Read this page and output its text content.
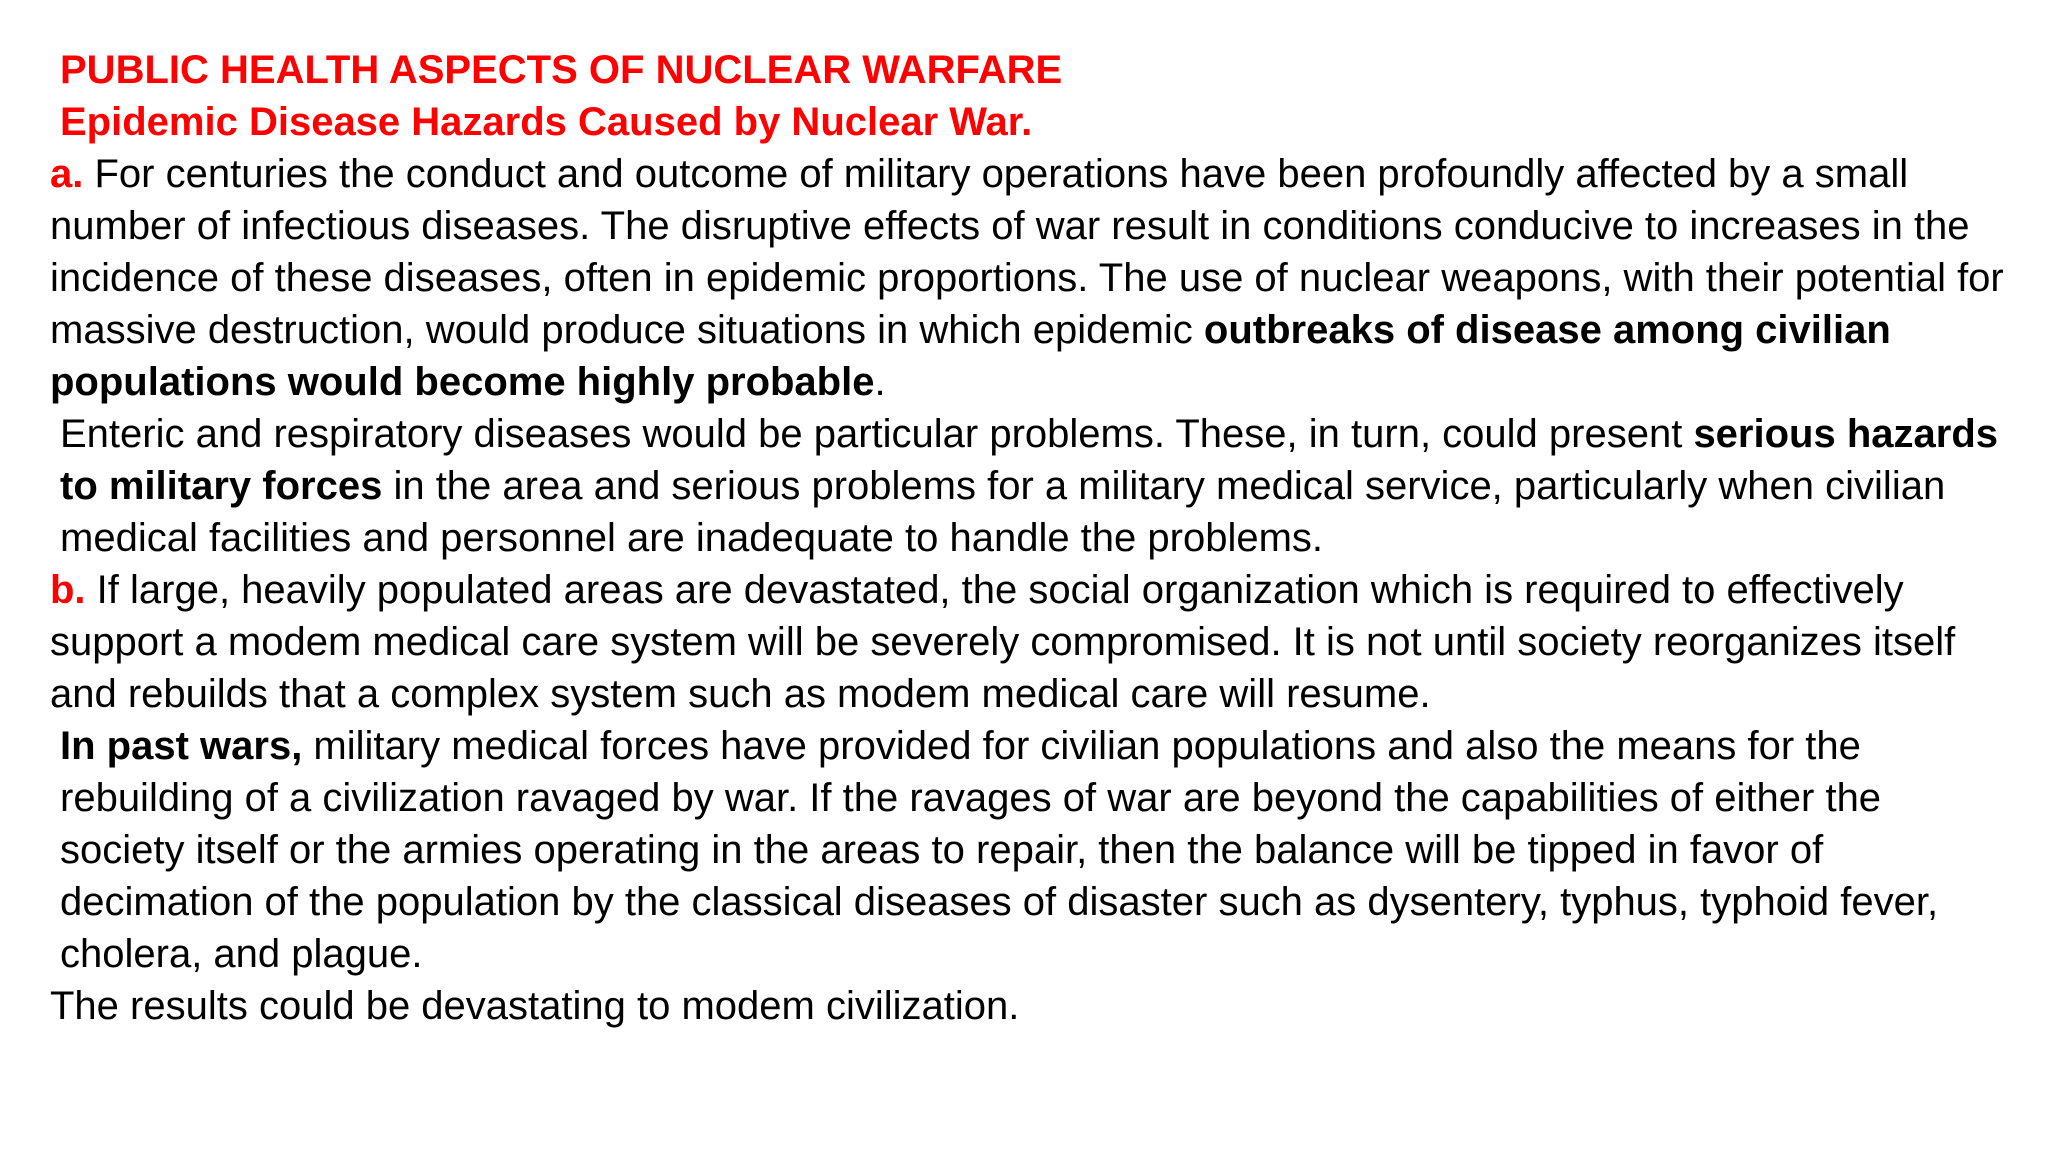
PUBLIC HEALTH ASPECTS OF NUCLEAR WARFARE
Epidemic Disease Hazards Caused by Nuclear War.

a. For centuries the conduct and outcome of military operations have been profoundly affected by a small number of infectious diseases. The disruptive effects of war result in conditions conducive to increases in the incidence of these diseases, often in epidemic proportions. The use of nuclear weapons, with their potential for massive destruction, would produce situations in which epidemic outbreaks of disease among civilian populations would become highly probable.

Enteric and respiratory diseases would be particular problems. These, in turn, could present serious hazards to military forces in the area and serious problems for a military medical service, particularly when civilian medical facilities and personnel are inadequate to handle the problems.

b. If large, heavily populated areas are devastated, the social organization which is required to effectively support a modem medical care system will be severely compromised. It is not until society reorganizes itself and rebuilds that a complex system such as modem medical care will resume.

In past wars, military medical forces have provided for civilian populations and also the means for the rebuilding of a civilization ravaged by war. If the ravages of war are beyond the capabilities of either the society itself or the armies operating in the areas to repair, then the balance will be tipped in favor of decimation of the population by the classical diseases of disaster such as dysentery, typhus, typhoid fever, cholera, and plague.

The results could be devastating to modem civilization.
